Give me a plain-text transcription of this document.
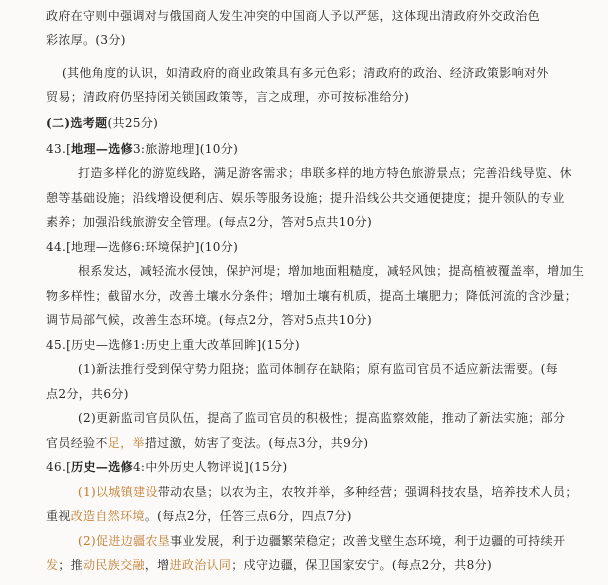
政府在守则中强调对与俄国商人发生冲突的中国商人予以严惩，这体现出清政府外交政治色
彩浓厚。(3分)
(其他角度的认识，如清政府的商业政策具有多元色彩；清政府的政治、经济政策影响对外
贸易；清政府仍坚持闭关锁国政策等，言之成理，亦可按标准给分)
(二)选考题(共25分)
43.[地理—选修3:旅游地理](10分)
打造多样化的游览线路，满足游客需求；串联多样的地方特色旅游景点；完善沿线导览、休
憩等基础设施；沿线增设便利店、娱乐等服务设施；提升沿线公共交通便捷度；提升领队的专业
素养；加强沿线旅游安全管理。(每点2分，答对5点共10分)
44.[地理—选修6:环境保护](10分)
根系发达，减轻流水侵蚀，保护河堤；增加地面粗糙度，减轻风蚀；提高植被覆盖率，增加生
物多样性；截留水分，改善土壤水分条件；增加土壤有机质，提高土壤肥力；降低河流的含沙量；
调节局部气候，改善生态环境。(每点2分，答对5点共10分)
45.[历史—选修1:历史上重大改革回眸](15分)
(1)新法推行受到保守势力阻挠；监司体制存在缺陷；原有监司官员不适应新法需要。(每
点2分，共6分)
(2)更新监司官员队伍，提高了监司官员的积极性；提高监察效能，推动了新法实施；部分
官员经验不足，举措过激，妨害了变法。(每点3分，共9分)
46.[历史—选修4:中外历史人物评说](15分)
(1)以城镇建设带动农垦；以农为主，农牧并举，多种经营；强调科技农垦，培养技术人员；
重视改造自然环境。(每点2分，任答三点6分，四点7分)
(2)促进边疆农垦事业发展，利于边疆繁荣稳定；改善戈壁生态环境，利于边疆的可持续开
发；推动民族交融，增进政治认同；戍守边疆，保卫国家安宁。(每点2分，共8分)
